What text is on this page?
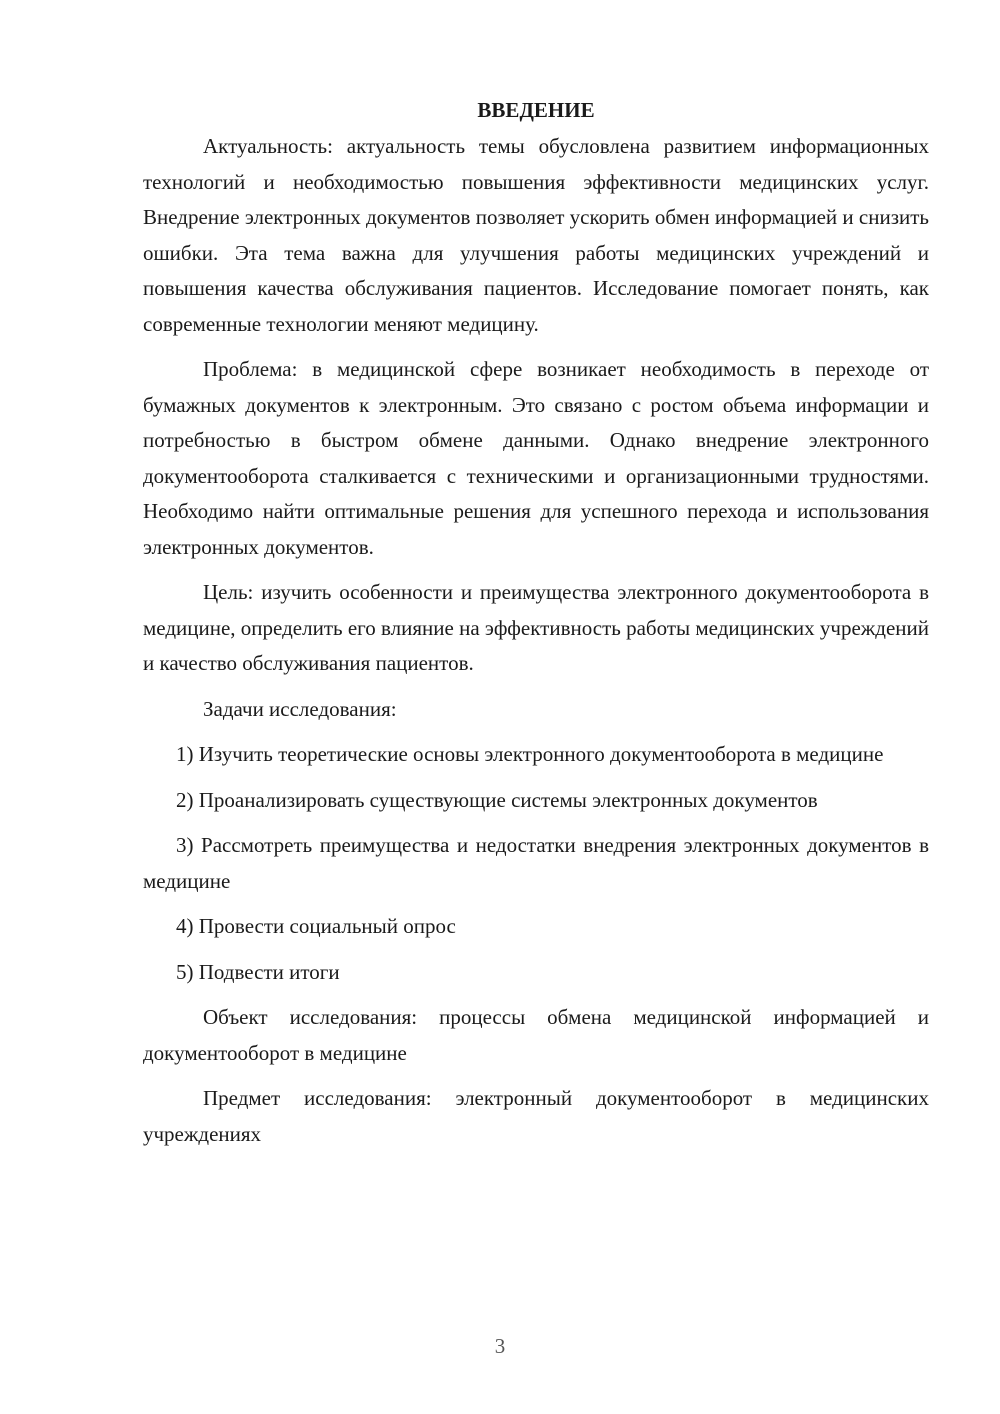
ВВЕДЕНИЕ

Актуальность: актуальность темы обусловлена развитием информационных технологий и необходимостью повышения эффективности медицинских услуг. Внедрение электронных документов позволяет ускорить обмен информацией и снизить ошибки. Эта тема важна для улучшения работы медицинских учреждений и повышения качества обслуживания пациентов. Исследование помогает понять, как современные технологии меняют медицину.

Проблема: в медицинской сфере возникает необходимость в переходе от бумажных документов к электронным. Это связано с ростом объема информации и потребностью в быстром обмене данными. Однако внедрение электронного документооборота сталкивается с техническими и организационными трудностями. Необходимо найти оптимальные решения для успешного перехода и использования электронных документов.

Цель: изучить особенности и преимущества электронного документооборота в медицине, определить его влияние на эффективность работы медицинских учреждений и качество обслуживания пациентов.

Задачи исследования:

1) Изучить теоретические основы электронного документооборота в медицине

2) Проанализировать существующие системы электронных документов

3) Рассмотреть преимущества и недостатки внедрения электронных документов в медицине

4) Провести социальный опрос

5) Подвести итоги

Объект исследования: процессы обмена медицинской информацией и документооборот в медицине

Предмет исследования: электронный документооборот в медицинских учреждениях

3
